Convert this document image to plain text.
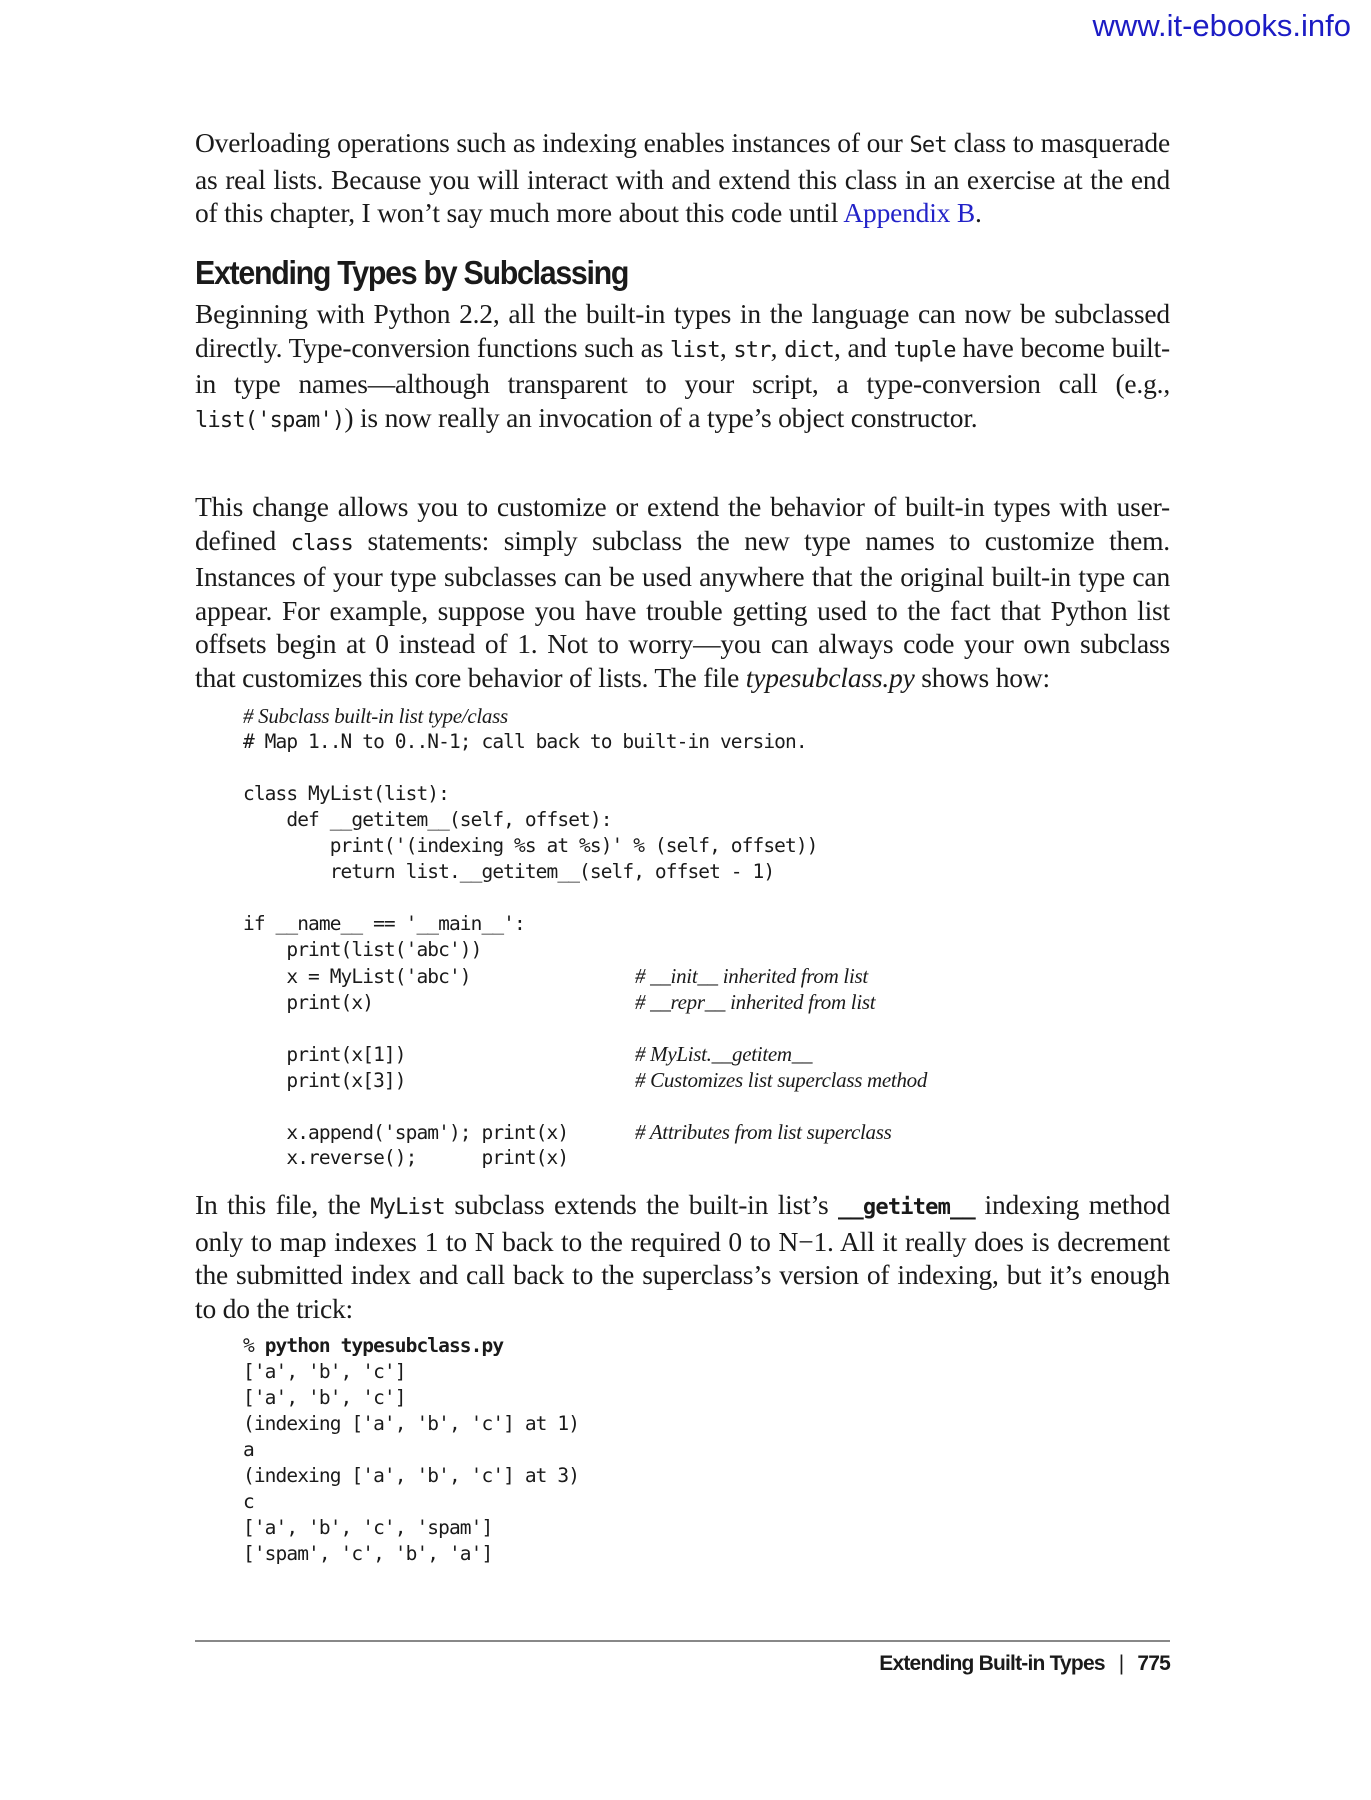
www.it-ebooks.info

Overloading operations such as indexing enables instances of our Set class to masquerade as real lists. Because you will interact with and extend this class in an exercise at the end of this chapter, I won’t say much more about this code until Appendix B.

Extending Types by Subclassing

Beginning with Python 2.2, all the built-in types in the language can now be subclassed directly. Type-conversion functions such as list, str, dict, and tuple have become built-in type names—although transparent to your script, a type-conversion call (e.g., list('spam')) is now really an invocation of a type’s object constructor.

This change allows you to customize or extend the behavior of built-in types with user-defined class statements: simply subclass the new type names to customize them. Instances of your type subclasses can be used anywhere that the original built-in type can appear. For example, suppose you have trouble getting used to the fact that Python list offsets begin at 0 instead of 1. Not to worry—you can always code your own subclass that customizes this core behavior of lists. The file typesubclass.py shows how:

# Subclass built-in list type/class
# Map 1..N to 0..N-1; call back to built-in version.
class MyList(list):
def __getitem__(self, offset):
print('(indexing %s at %s)' % (self, offset))
return list.__getitem__(self, offset - 1)
if __name__ == '__main__':
print(list('abc'))
x = MyList('abc')	# __init__ inherited from list
print(x)	# __repr__ inherited from list
print(x[1])	# MyList.__getitem__
print(x[3])	# Customizes list superclass method
x.append('spam'); print(x)	# Attributes from list superclass
x.reverse();      print(x)

In this file, the MyList subclass extends the built-in list’s __getitem__ indexing method only to map indexes 1 to N back to the required 0 to N−1. All it really does is decrement the submitted index and call back to the superclass’s version of indexing, but it’s enough to do the trick:

% python typesubclass.py
['a', 'b', 'c']
['a', 'b', 'c']
(indexing ['a', 'b', 'c'] at 1)
a
(indexing ['a', 'b', 'c'] at 3)
c
['a', 'b', 'c', 'spam']
['spam', 'c', 'b', 'a']
Extending Built-in Types | 775
